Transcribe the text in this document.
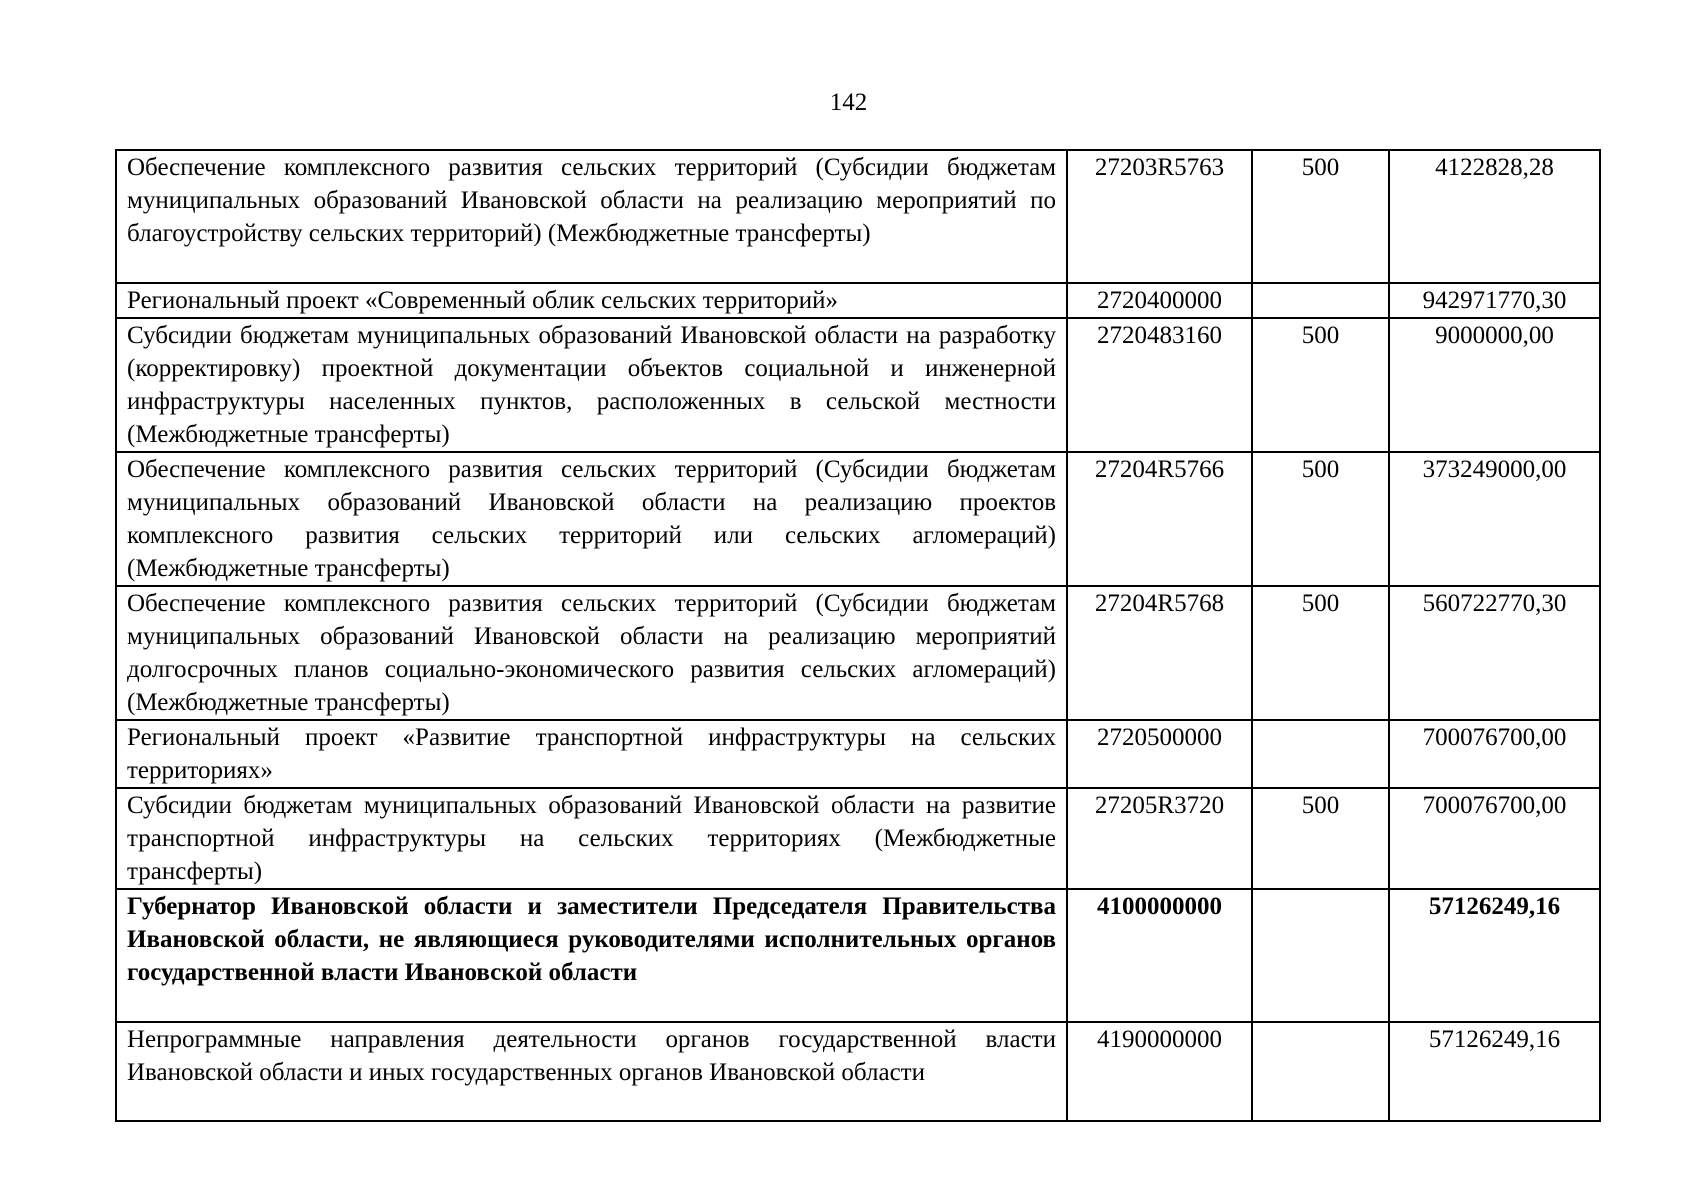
142
Обеспечение комплексного развития сельских территорий (Субсидии бюджетам муниципальных образований Ивановской области на реализацию мероприятий по благоустройству сельских территорий) (Межбюджетные трансферты)	27203R5763	500	4122828,28
Региональный проект «Современный облик сельских территорий»	2720400000		942971770,30
Субсидии бюджетам муниципальных образований Ивановской области на разработку (корректировку) проектной документации объектов социальной и инженерной инфраструктуры населенных пунктов, расположенных в сельской местности (Межбюджетные трансферты)	2720483160	500	9000000,00
Обеспечение комплексного развития сельских территорий (Субсидии бюджетам муниципальных образований Ивановской области на реализацию проектов комплексного развития сельских территорий или сельских агломераций) (Межбюджетные трансферты)	27204R5766	500	373249000,00
Обеспечение комплексного развития сельских территорий (Субсидии бюджетам муниципальных образований Ивановской области на реализацию мероприятий долгосрочных планов социально-экономического развития сельских агломераций) (Межбюджетные трансферты)	27204R5768	500	560722770,30
Региональный проект «Развитие транспортной инфраструктуры на сельских территориях»	2720500000		700076700,00
Субсидии бюджетам муниципальных образований Ивановской области на развитие транспортной инфраструктуры на сельских территориях (Межбюджетные трансферты)	27205R3720	500	700076700,00
Губернатор Ивановской области и заместители Председателя Правительства Ивановской области, не являющиеся руководителями исполнительных органов государственной власти Ивановской области	4100000000		57126249,16
Непрограммные направления деятельности органов государственной власти Ивановской области и иных государственных органов Ивановской области	4190000000		57126249,16
